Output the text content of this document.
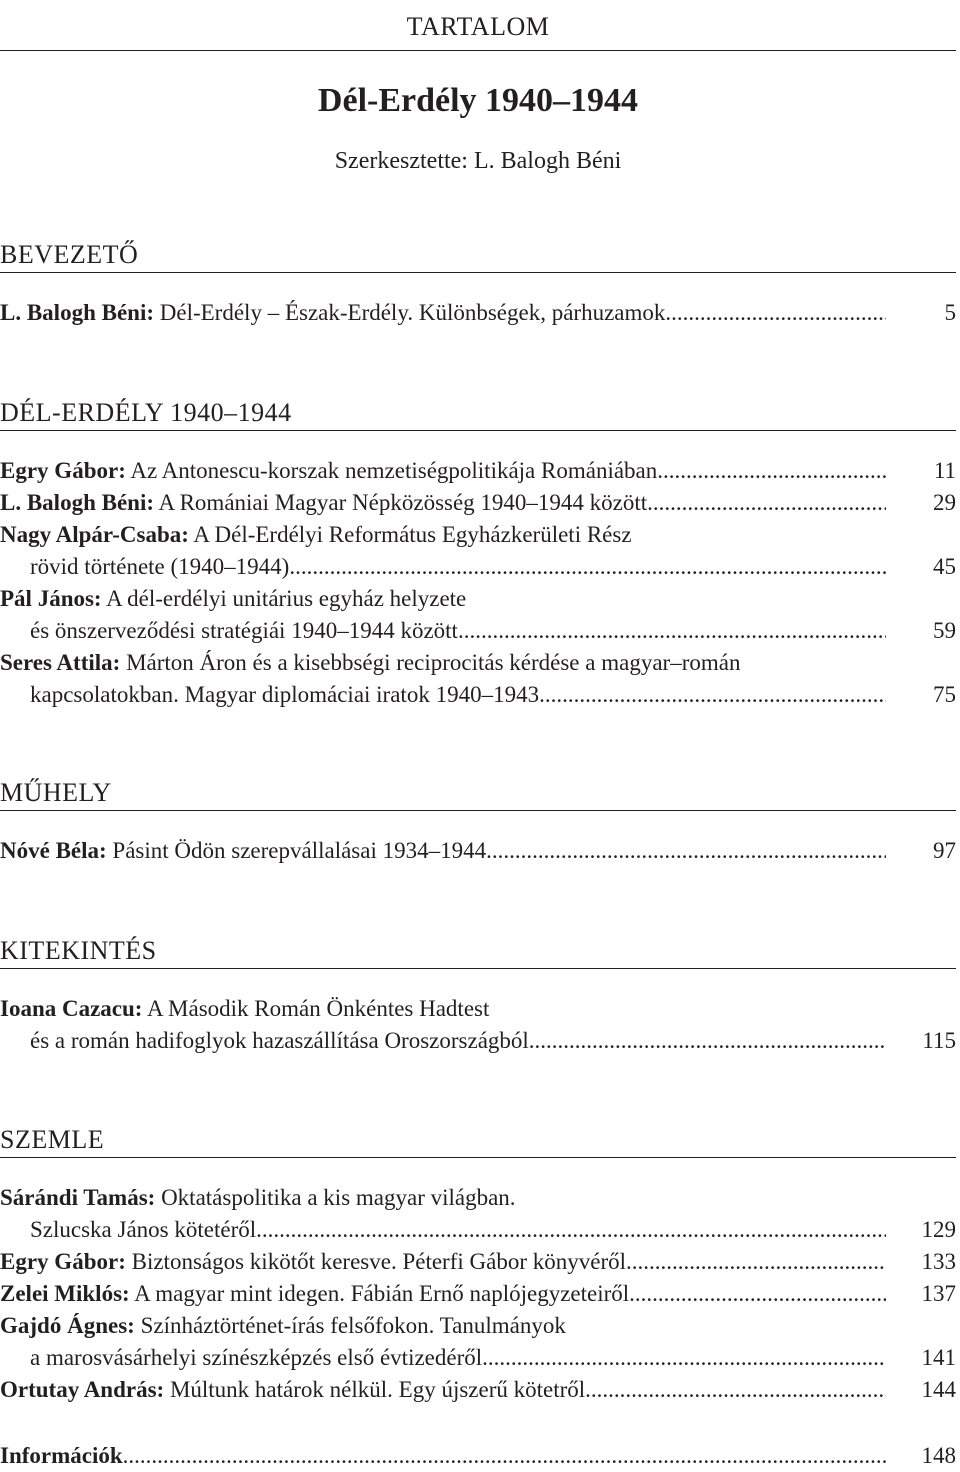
TARTALOM
Dél-Erdély 1940–1944
Szerkesztette: L. Balogh Béni
BEVEZETŐ
L. Balogh Béni: Dél-Erdély – Észak-Erdély. Különbségek, párhuzamok .....	5
DÉL-ERDÉLY 1940–1944
Egry Gábor: Az Antonescu-korszak nemzetiségpolitikája Romániában .....	11
L. Balogh Béni: A Romániai Magyar Népközösség 1940–1944 között .....	29
Nagy Alpár-Csaba: A Dél-Erdélyi Református Egyházkerületi Rész
rövid története (1940–1944) .....	45
Pál János: A dél-erdélyi unitárius egyház helyzete
és önszerveződési stratégiái 1940–1944 között .....	59
Seres Attila: Márton Áron és a kisebbségi reciprocitás kérdése a magyar–román
kapcsolatokban. Magyar diplomáciai iratok 1940–1943 .....	75
MŰHELY
Nóvé Béla: Pásint Ödön szerepvállalásai 1934–1944 .....	97
KITEKINTÉS
Ioana Cazacu: A Második Román Önkéntes Hadtest
és a román hadifoglyok hazaszállítása Oroszországból .....	115
SZEMLE
Sárándi Tamás: Oktatáspolitika a kis magyar világban.
Szlucska János kötetéről .....	129
Egry Gábor: Biztonságos kikötőt keresve. Péterfi Gábor könyvéről .....	133
Zelei Miklós: A magyar mint idegen. Fábián Ernő naplójegyzeteiről .....	137
Gajdó Ágnes: Színháztörténet-írás felsőfokon. Tanulmányok
a marosvásárhelyi színészképzés első évtizedéről .....	141
Ortutay András: Múltunk határok nélkül. Egy újszerű kötetről .....	144
Információk .....	148
